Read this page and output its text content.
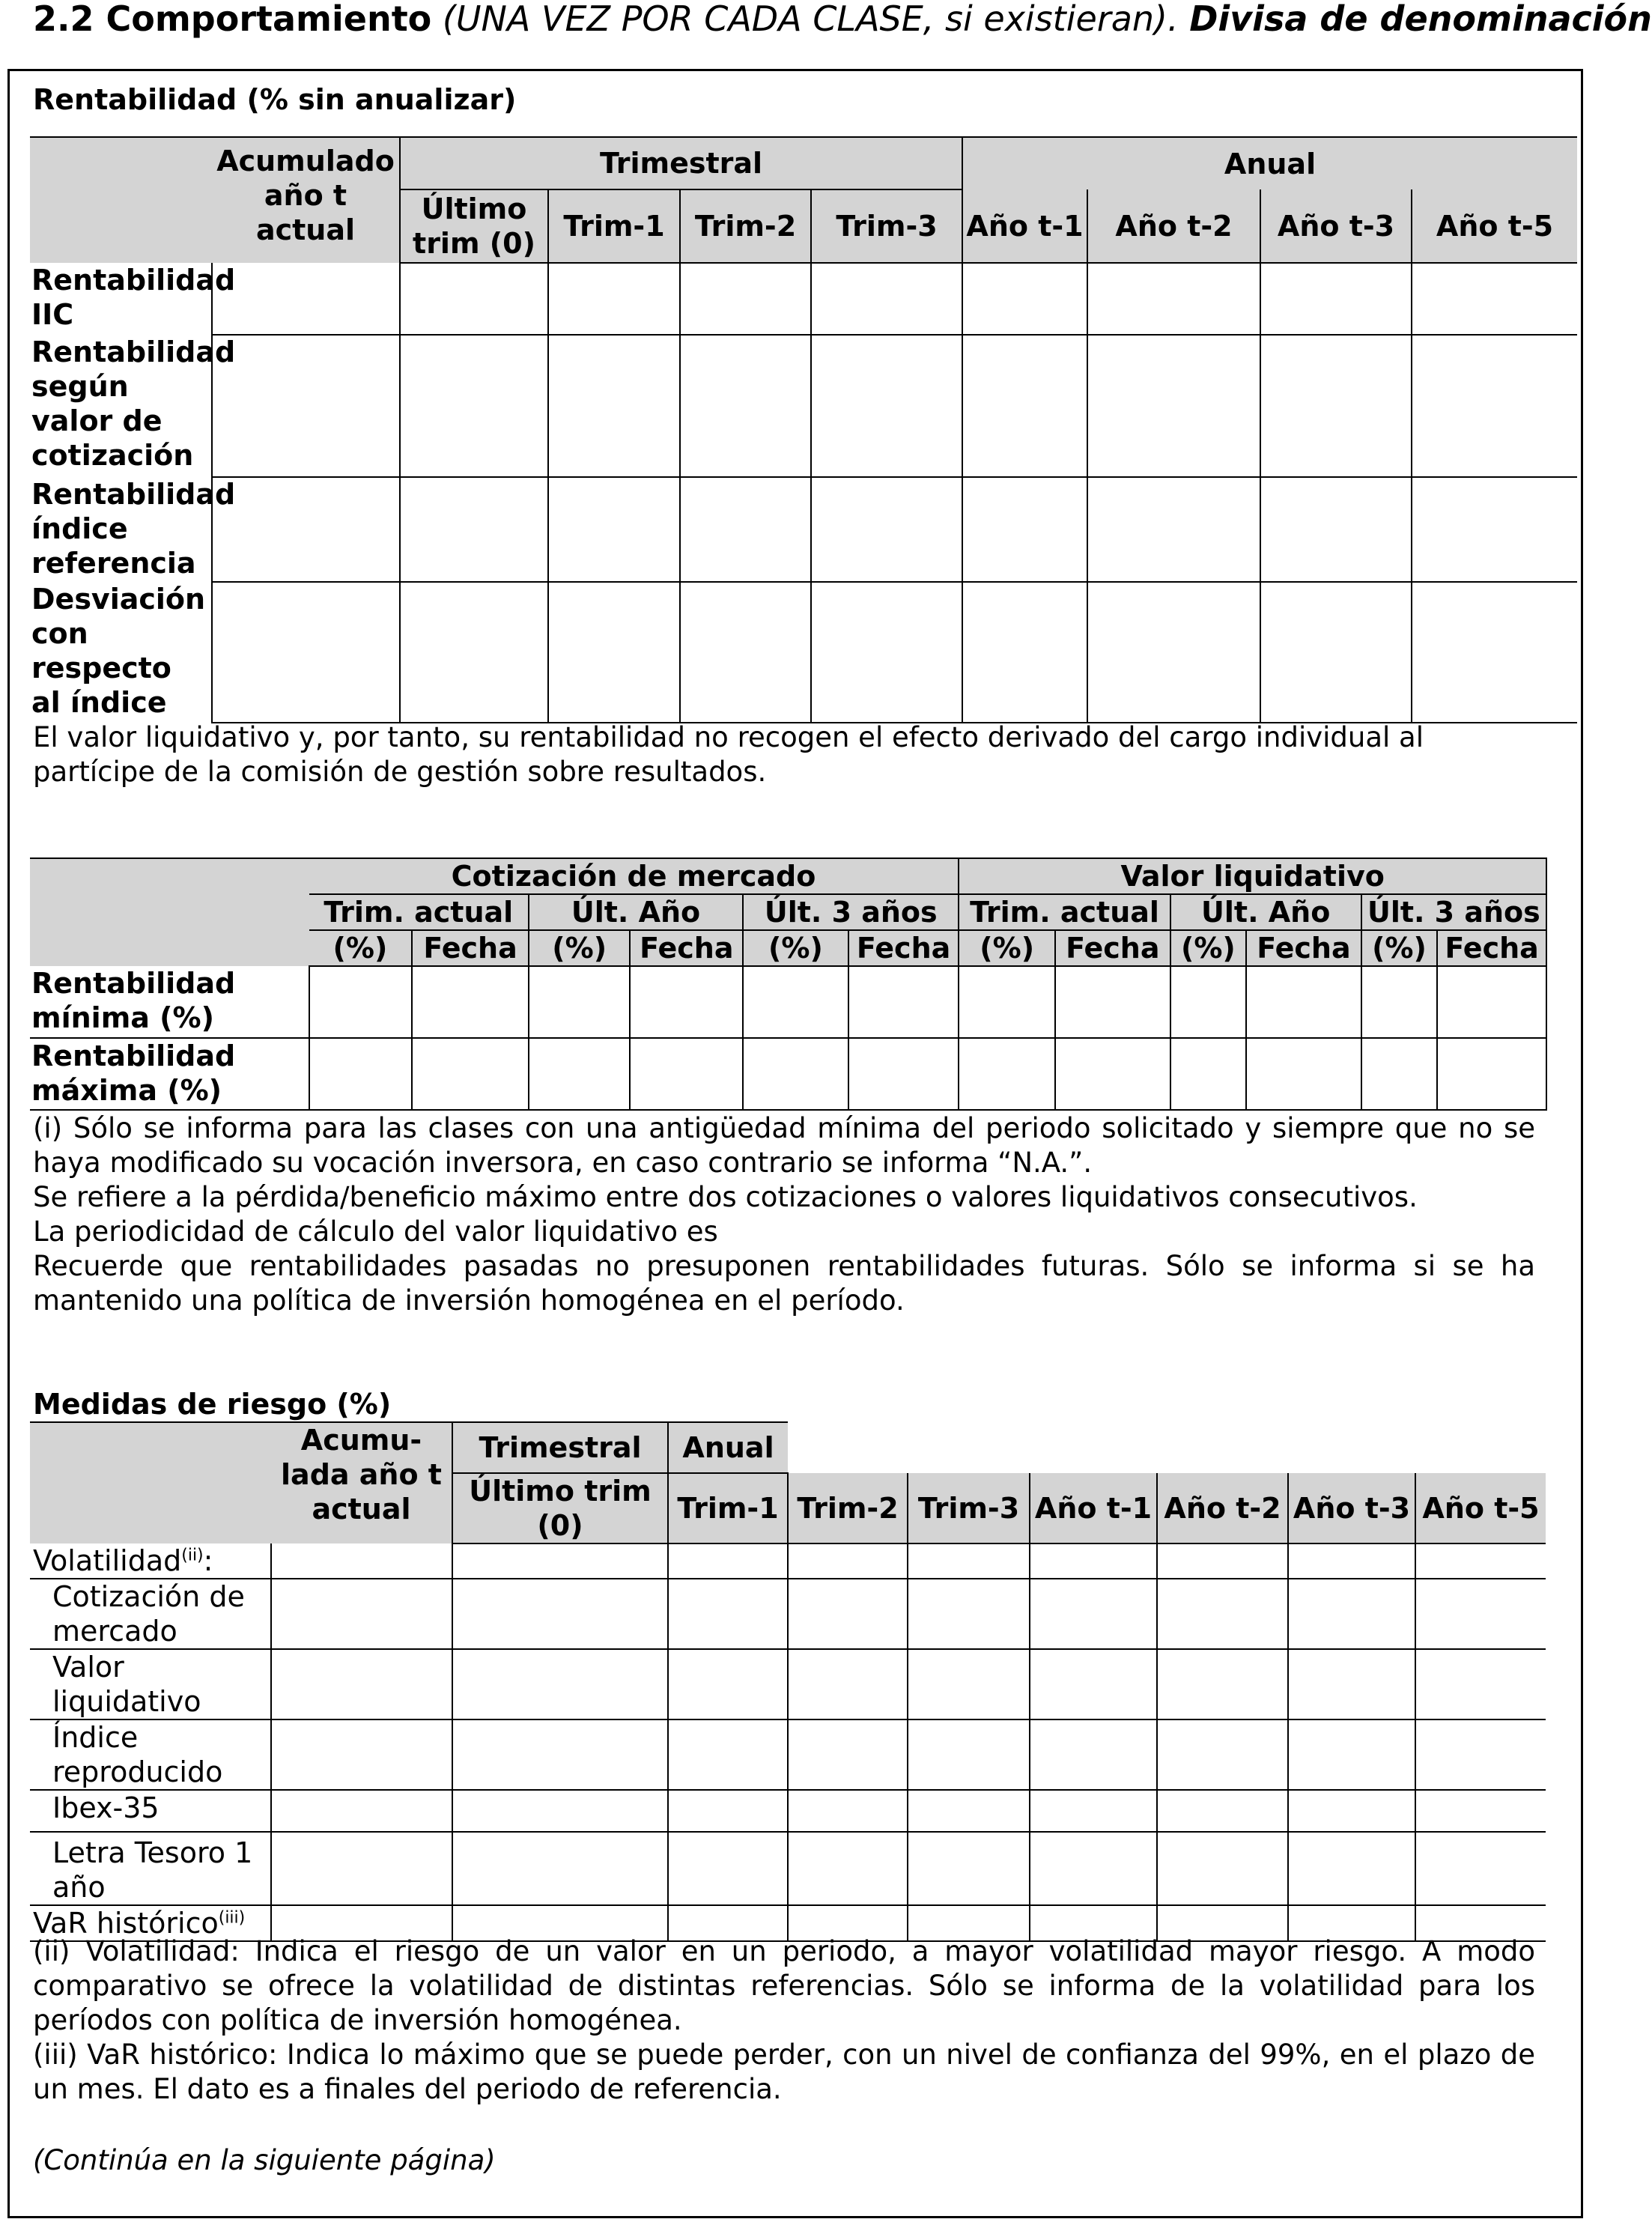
2.2 Comportamiento (UNA VEZ POR CADA CLASE, si existieran). Divisa de denominación
Rentabilidad (% sin anualizar)
	Acumulado año t actual	Trimestral				Anual			
		Último trim (0)	Trim-1	Trim-2	Trim-3	Año t-1	Año t-2	Año t-3	Año t-5
Rentabilidad IIC									
Rentabilidad según valor de cotización									
Rentabilidad índice referencia									
Desviación con respecto al índice									
El valor liquidativo y, por tanto, su rentabilidad no recogen el efecto derivado del cargo individual al partícipe de la comisión de gestión sobre resultados.
	Cotización de mercado						Valor liquidativo					
	Trim. actual		Últ. Año		Últ. 3 años		Trim. actual		Últ. Año		Últ. 3 años	
	(%)	Fecha	(%)	Fecha	(%)	Fecha	(%)	Fecha	(%)	Fecha	(%)	Fecha
Rentabilidad mínima (%)												
Rentabilidad máxima (%)												
(i) Sólo se informa para las clases con una antigüedad mínima del periodo solicitado y siempre que no se haya modificado su vocación inversora, en caso contrario se informa “N.A.”.
Se refiere a la pérdida/beneficio máximo entre dos cotizaciones o valores liquidativos consecutivos.
La periodicidad de cálculo del valor liquidativo es
Recuerde que rentabilidades pasadas no presuponen rentabilidades futuras. Sólo se informa si se ha mantenido una política de inversión homogénea en el período.
Medidas de riesgo (%)
	Acumu-lada año t actual	Trimestral	Anual						
		Último trim (0)	Trim-1	Trim-2	Trim-3	Año t-1	Año t-2	Año t-3	Año t-5
Volatilidad$^{(ii)}$:									
Cotización de mercado									
Valor liquidativo									
Índice reproducido									
Ibex-35									
Letra Tesoro 1 año									
VaR histórico$^{(iii)}$									
(ii) Volatilidad: Indica el riesgo de un valor en un periodo, a mayor volatilidad mayor riesgo. A modo comparativo se ofrece la volatilidad de distintas referencias. Sólo se informa de la volatilidad para los períodos con política de inversión homogénea.
(iii) VaR histórico: Indica lo máximo que se puede perder, con un nivel de confianza del 99%, en el plazo de un mes. El dato es a finales del periodo de referencia.
(Continúa en la siguiente página)
